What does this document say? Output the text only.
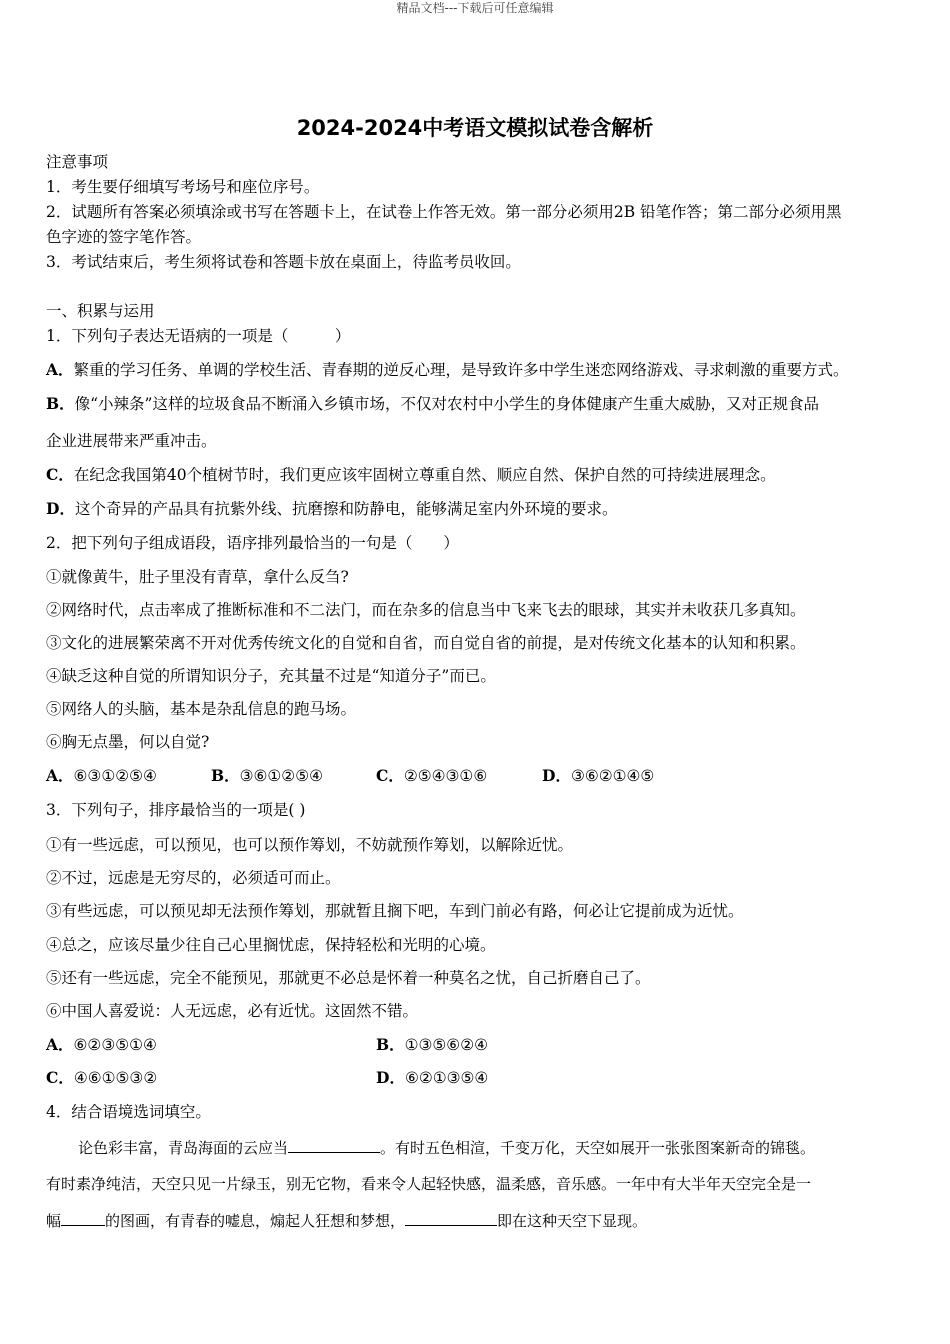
精品文档---下载后可任意编辑
2024-2024中考语文模拟试卷含解析
注意事项
1．考生要仔细填写考场号和座位序号。
2．试题所有答案必须填涂或书写在答题卡上，在试卷上作答无效。第一部分必须用2B 铅笔作答；第二部分必须用黑
色字迹的签字笔作答。
3．考试结束后，考生须将试卷和答题卡放在桌面上，待监考员收回。
一、积累与运用
1．下列句子表达无语病的一项是（　　　）
A．繁重的学习任务、单调的学校生活、青春期的逆反心理，是导致许多中学生迷恋网络游戏、寻求刺激的重要方式。
B．像“小辣条”这样的垃圾食品不断涌入乡镇市场，不仅对农村中小学生的身体健康产生重大威胁，又对正规食品
企业进展带来严重冲击。
C．在纪念我国第40个植树节时，我们更应该牢固树立尊重自然、顺应自然、保护自然的可持续进展理念。
D．这个奇异的产品具有抗紫外线、抗磨擦和防静电，能够满足室内外环境的要求。
2．把下列句子组成语段，语序排列最恰当的一句是（　　）
①就像黄牛，肚子里没有青草，拿什么反刍?
②网络时代，点击率成了推断标准和不二法门，而在杂多的信息当中飞来飞去的眼球，其实并未收获几多真知。
③文化的进展繁荣离不开对优秀传统文化的自觉和自省，而自觉自省的前提，是对传统文化基本的认知和积累。
④缺乏这种自觉的所谓知识分子，充其量不过是“知道分子”而已。
⑤网络人的头脑，基本是杂乱信息的跑马场。
⑥胸无点墨，何以自觉?
A．⑥③①②⑤④	B．③⑥①②⑤④	C．②⑤④③①⑥	D．③⑥②①④⑤
3．下列句子，排序最恰当的一项是( )
①有一些远虑，可以预见，也可以预作筹划，不妨就预作筹划，以解除近忧。
②不过，远虑是无穷尽的，必须适可而止。
③有些远虑，可以预见却无法预作筹划，那就暂且搁下吧，车到门前必有路，何必让它提前成为近忧。
④总之，应该尽量少往自己心里搁忧虑，保持轻松和光明的心境。
⑤还有一些远虑，完全不能预见，那就更不必总是怀着一种莫名之忧，自己折磨自己了。
⑥中国人喜爱说：人无远虑，必有近忧。这固然不错。
A．⑥②③⑤①④	B．①③⑤⑥②④
C．④⑥①⑤③②	D．⑥②①③⑤④
4．结合语境选词填空。
论色彩丰富，青岛海面的云应当	。有时五色相渲，千变万化，天空如展开一张张图案新奇的锦毯。
有时素净纯洁，天空只见一片绿玉，别无它物，看来令人起轻快感，温柔感，音乐感。一年中有大半年天空完全是一
幅	的图画，有青春的嘘息，煽起人狂想和梦想，	即在这种天空下显现。
